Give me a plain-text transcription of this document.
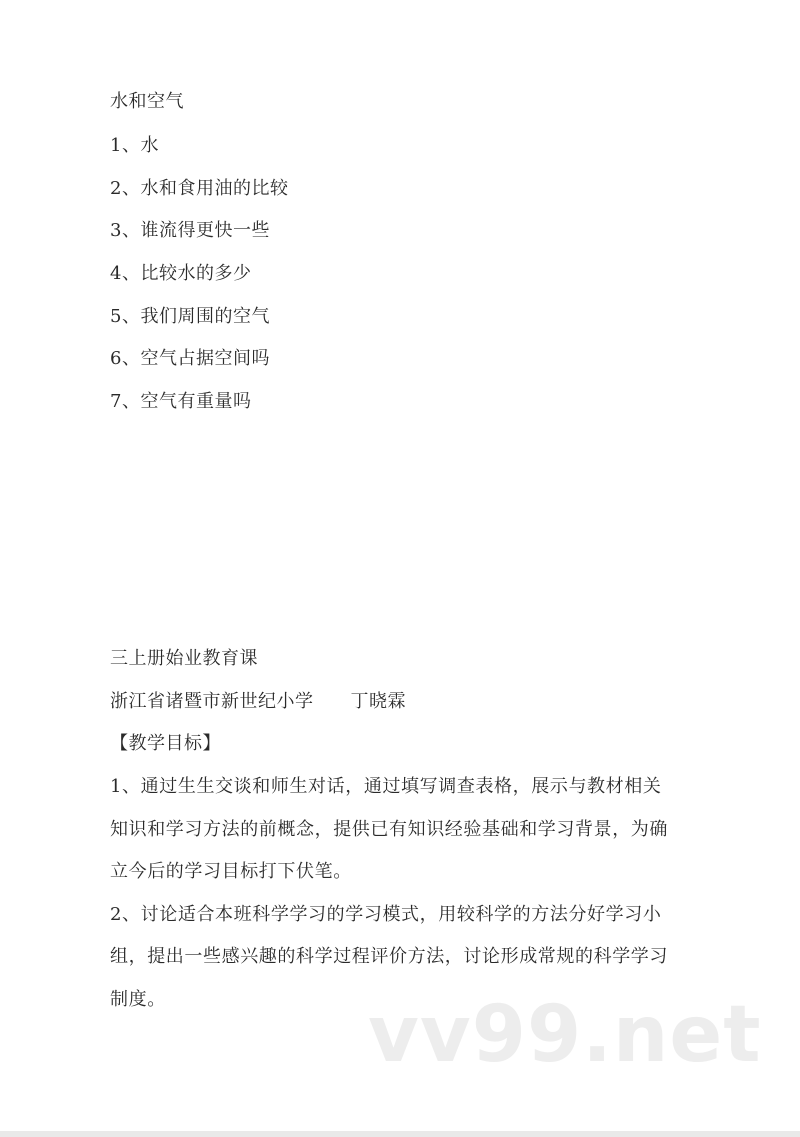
水和空气
1、水
2、水和食用油的比较
3、谁流得更快一些
4、比较水的多少
5、我们周围的空气
6、空气占据空间吗
7、空气有重量吗
三上册始业教育课
浙江省诸暨市新世纪小学　　丁晓霖
【教学目标】
1、通过生生交谈和师生对话，通过填写调查表格，展示与教材相关
知识和学习方法的前概念，提供已有知识经验基础和学习背景，为确
立今后的学习目标打下伏笔。
2、讨论适合本班科学学习的学习模式，用较科学的方法分好学习小
组，提出一些感兴趣的科学过程评价方法，讨论形成常规的科学学习
制度。	vv99.net
